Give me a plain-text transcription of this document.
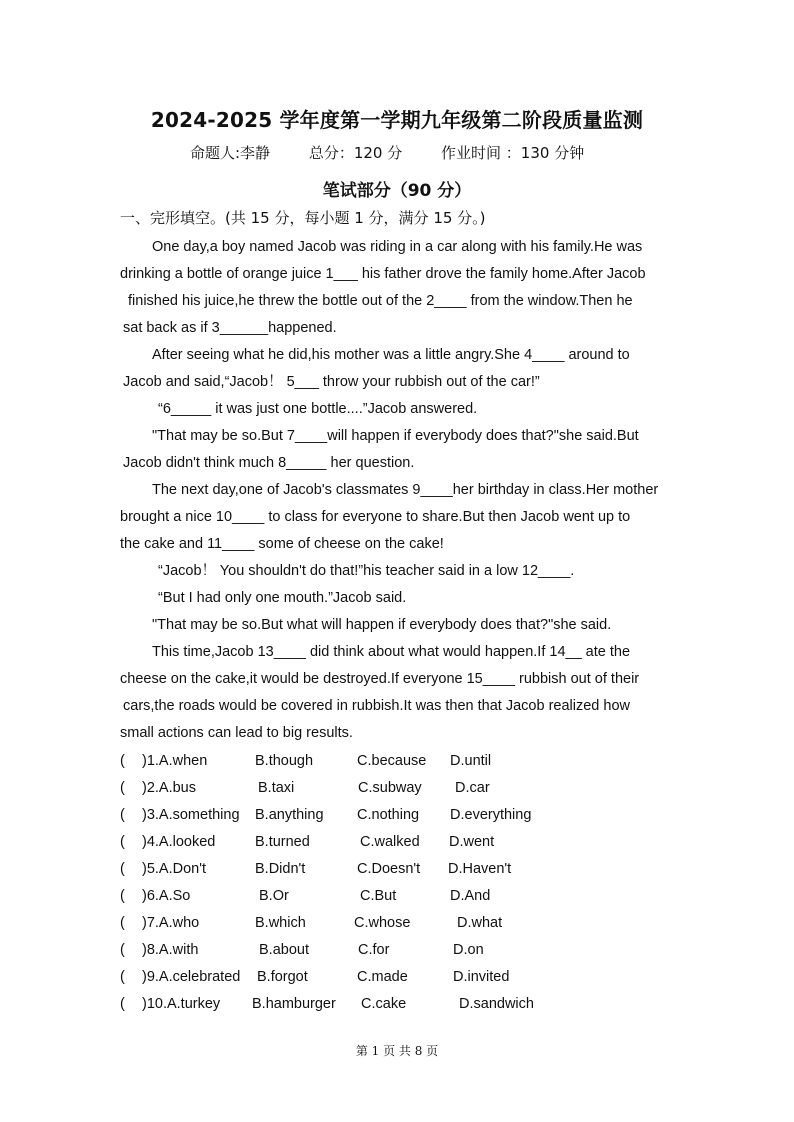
2024-2025 学年度第一学期九年级第二阶段质量监测
命题人:李静	总分：120 分	作业时间 ：130 分钟
笔试部分（90 分）
一、完形填空。(共 15 分，每小题 1 分，满分 15 分。)
One day,a boy named Jacob was riding in a car along with his family.He was
drinking a bottle of orange juice 1___ his father drove the family home.After Jacob
finished his juice,he threw the bottle out of the 2____ from the window.Then he
sat back as if 3______happened.
After seeing what he did,his mother was a little angry.She 4____ around to
Jacob and said,“Jacob！ 5___ throw your rubbish out of the car!”
“6_____ it was just one bottle....”Jacob answered.
"That may be so.But 7____will happen if everybody does that?"she said.But
Jacob didn't think much 8_____ her question.
The next day,one of Jacob's classmates 9____her birthday in class.Her mother
brought a nice 10____ to class for everyone to share.But then Jacob went up to
the cake and 11____ some of cheese on the cake!
“Jacob！ You shouldn't do that!”his teacher said in a low 12____.
“But I had only one mouth.”Jacob said.
"That may be so.But what will happen if everybody does that?"she said.
This time,Jacob 13____ did think about what would happen.If 14__ ate the
cheese on the cake,it would be destroyed.If everyone 15____ rubbish out of their
cars,the roads would be covered in rubbish.It was then that Jacob realized how
small actions can lead to big results.
( )1.A.when	B.though	C.because D.until
( )2.A.bus	B.taxi	C.subway D.car
( )3.A.something B.anything C.nothing D.everything
( )4.A.looked	B.turned	C.walked D.went
( )5.A.Don't	B.Didn't	C.Doesn't D.Haven't
( )6.A.So	B.Or	C.But	D.And
( )7.A.who	B.which	C.whose	D.what
( )8.A.with	B.about	C.for	D.on
( )9.A.celebrated B.forgot	C.made	D.invited
( )10.A.turkey B.hamburger C.cake	D.sandwich
第 1 页 共 8 页
